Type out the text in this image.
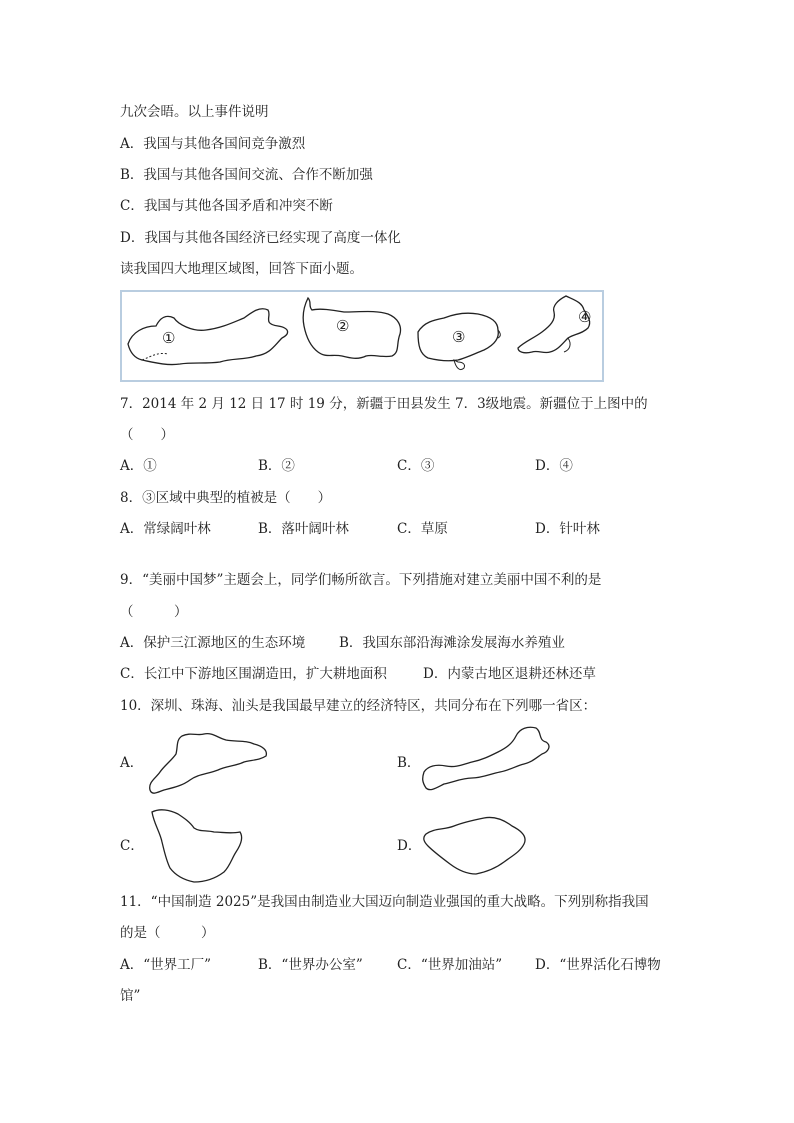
九次会晤。以上事件说明
A．我国与其他各国间竞争激烈
B．我国与其他各国间交流、合作不断加强
C．我国与其他各国矛盾和冲突不断
D．我国与其他各国经济已经实现了高度一体化
读我国四大地理区域图，回答下面小题。
①
②
③
④
7．2014 年 2 月 12 日 17 时 19 分，新疆于田县发生 7．3级地震。新疆位于上图中的
（　　）
A．①	B．②	C．③	D．④
8．③区域中典型的植被是（　　）
A．常绿阔叶林	B．落叶阔叶林	C．草原	D．针叶林
9．“美丽中国梦”主题会上，同学们畅所欲言。下列措施对建立美丽中国不利的是
（　　　）
A．保护三江源地区的生态环境	B．我国东部沿海滩涂发展海水养殖业
C．长江中下游地区围湖造田，扩大耕地面积	D．内蒙古地区退耕还林还草
10．深圳、珠海、汕头是我国最早建立的经济特区，共同分布在下列哪一省区：
A．	B．
C．	D．
11．“中国制造 2025”是我国由制造业大国迈向制造业强国的重大战略。下列别称指我国
的是（　　　）
A．“世界工厂”	B．“世界办公室”	C．“世界加油站” D．“世界活化石博物
馆”
